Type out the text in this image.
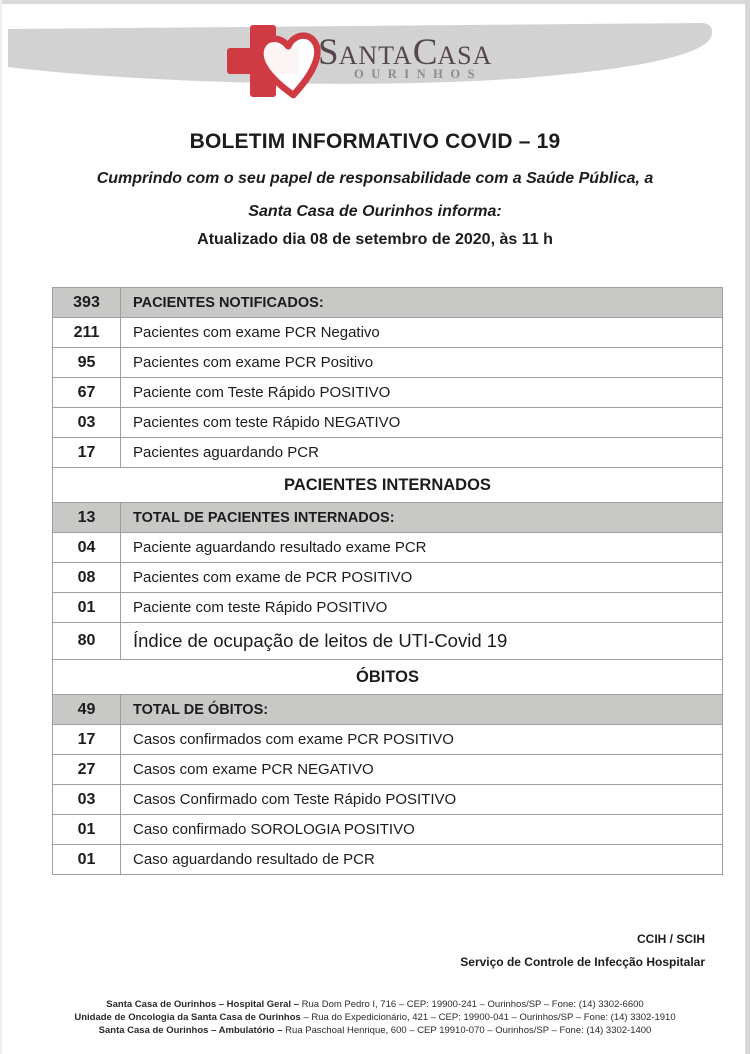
SANTACASA
OURINHOS
BOLETIM INFORMATIVO COVID – 19
Cumprindo com o seu papel de responsabilidade com a Saúde Pública, a
Santa Casa de Ourinhos informa:
Atualizado dia 08 de setembro de 2020, às 11 h
393	PACIENTES NOTIFICADOS:
211	Pacientes com exame PCR Negativo
95	Pacientes com exame PCR Positivo
67	Paciente com Teste Rápido POSITIVO
03	Pacientes com teste Rápido NEGATIVO
17	Pacientes aguardando PCR
PACIENTES INTERNADOS
13	TOTAL DE PACIENTES INTERNADOS:
04	Paciente aguardando resultado exame PCR
08	Pacientes com exame de PCR POSITIVO
01	Paciente com teste Rápido POSITIVO
80	Índice de ocupação de leitos de UTI-Covid 19
ÓBITOS
49	TOTAL DE ÓBITOS:
17	Casos confirmados com exame PCR POSITIVO
27	Casos com exame PCR NEGATIVO
03	Casos Confirmado com Teste Rápido POSITIVO
01	Caso confirmado SOROLOGIA POSITIVO
01	Caso aguardando resultado de PCR
CCIH / SCIH
Serviço de Controle de Infecção Hospitalar
Santa Casa de Ourinhos – Hospital Geral – Rua Dom Pedro I, 716 – CEP: 19900-241 – Ourinhos/SP – Fone: (14) 3302-6600
Unidade de Oncologia da Santa Casa de Ourinhos – Rua do Expedicionário, 421 – CEP: 19900-041 – Ourinhos/SP – Fone: (14) 3302-1910
Santa Casa de Ourinhos – Ambulatório – Rua Paschoal Henrique, 600 – CEP 19910-070 – Ourinhos/SP – Fone: (14) 3302-1400
